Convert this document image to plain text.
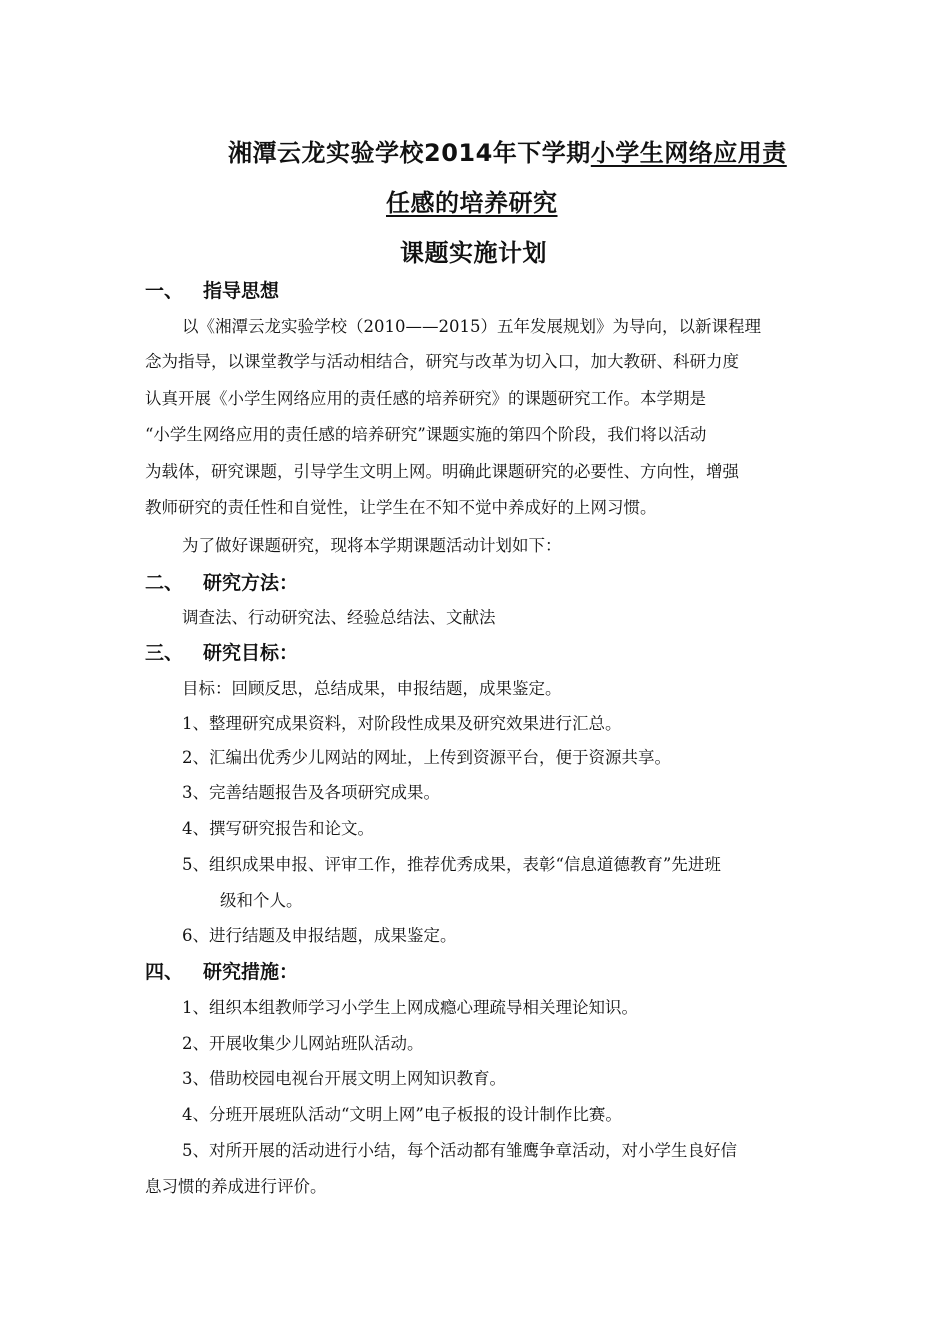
湘潭云龙实验学校2014年下学期小学生网络应用责
任感的培养研究
课题实施计划
一、 指导思想
以《湘潭云龙实验学校（2010——2015）五年发展规划》为导向，以新课程理
念为指导，以课堂教学与活动相结合，研究与改革为切入口，加大教研、科研力度
认真开展《小学生网络应用的责任感的培养研究》的课题研究工作。本学期是
“小学生网络应用的责任感的培养研究”课题实施的第四个阶段，我们将以活动
为载体，研究课题，引导学生文明上网。明确此课题研究的必要性、方向性，增强
教师研究的责任性和自觉性，让学生在不知不觉中养成好的上网习惯。
为了做好课题研究，现将本学期课题活动计划如下：
二、 研究方法：
调查法、行动研究法、经验总结法、文献法
三、 研究目标：
目标：回顾反思，总结成果，申报结题，成果鉴定。
1、整理研究成果资料，对阶段性成果及研究效果进行汇总。
2、汇编出优秀少儿网站的网址，上传到资源平台，便于资源共享。
3、完善结题报告及各项研究成果。
4、撰写研究报告和论文。
5、组织成果申报、评审工作，推荐优秀成果，表彰“信息道德教育”先进班
级和个人。
6、进行结题及申报结题，成果鉴定。
四、 研究措施：
1、组织本组教师学习小学生上网成瘾心理疏导相关理论知识。
2、开展收集少儿网站班队活动。
3、借助校园电视台开展文明上网知识教育。
4、分班开展班队活动“文明上网”电子板报的设计制作比赛。
5、对所开展的活动进行小结，每个活动都有雏鹰争章活动，对小学生良好信
息习惯的养成进行评价。
